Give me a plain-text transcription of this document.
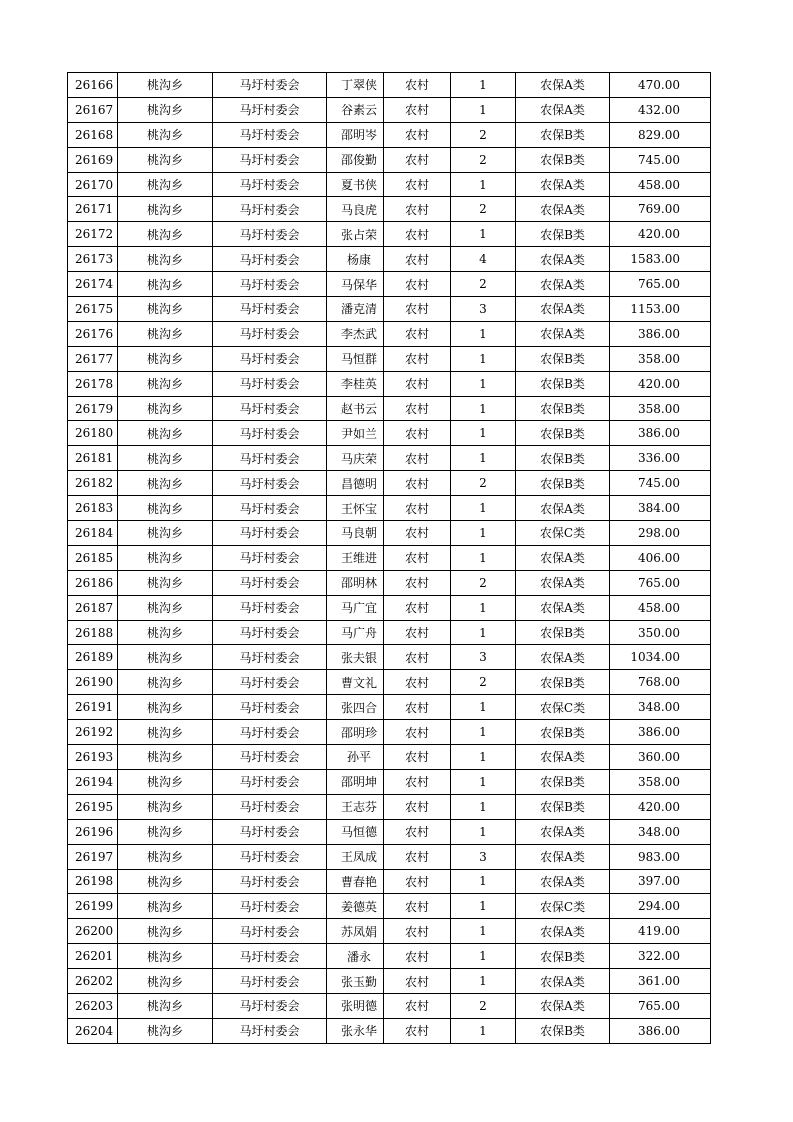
26166	桃沟乡	马圩村委会	丁翠侠	农村	1	农保A类	470.00
26167	桃沟乡	马圩村委会	谷素云	农村	1	农保A类	432.00
26168	桃沟乡	马圩村委会	邵明岑	农村	2	农保B类	829.00
26169	桃沟乡	马圩村委会	邵俊勤	农村	2	农保B类	745.00
26170	桃沟乡	马圩村委会	夏书侠	农村	1	农保A类	458.00
26171	桃沟乡	马圩村委会	马良虎	农村	2	农保A类	769.00
26172	桃沟乡	马圩村委会	张占荣	农村	1	农保B类	420.00
26173	桃沟乡	马圩村委会	杨康	农村	4	农保A类	1583.00
26174	桃沟乡	马圩村委会	马保华	农村	2	农保A类	765.00
26175	桃沟乡	马圩村委会	潘克清	农村	3	农保A类	1153.00
26176	桃沟乡	马圩村委会	李杰武	农村	1	农保A类	386.00
26177	桃沟乡	马圩村委会	马恒群	农村	1	农保B类	358.00
26178	桃沟乡	马圩村委会	李桂英	农村	1	农保B类	420.00
26179	桃沟乡	马圩村委会	赵书云	农村	1	农保B类	358.00
26180	桃沟乡	马圩村委会	尹如兰	农村	1	农保B类	386.00
26181	桃沟乡	马圩村委会	马庆荣	农村	1	农保B类	336.00
26182	桃沟乡	马圩村委会	昌德明	农村	2	农保B类	745.00
26183	桃沟乡	马圩村委会	王怀宝	农村	1	农保A类	384.00
26184	桃沟乡	马圩村委会	马良朝	农村	1	农保C类	298.00
26185	桃沟乡	马圩村委会	王维进	农村	1	农保A类	406.00
26186	桃沟乡	马圩村委会	邵明林	农村	2	农保A类	765.00
26187	桃沟乡	马圩村委会	马广宜	农村	1	农保A类	458.00
26188	桃沟乡	马圩村委会	马广舟	农村	1	农保B类	350.00
26189	桃沟乡	马圩村委会	张夫银	农村	3	农保A类	1034.00
26190	桃沟乡	马圩村委会	曹文礼	农村	2	农保B类	768.00
26191	桃沟乡	马圩村委会	张四合	农村	1	农保C类	348.00
26192	桃沟乡	马圩村委会	邵明珍	农村	1	农保B类	386.00
26193	桃沟乡	马圩村委会	孙平	农村	1	农保A类	360.00
26194	桃沟乡	马圩村委会	邵明坤	农村	1	农保B类	358.00
26195	桃沟乡	马圩村委会	王志芬	农村	1	农保B类	420.00
26196	桃沟乡	马圩村委会	马恒德	农村	1	农保A类	348.00
26197	桃沟乡	马圩村委会	王凤成	农村	3	农保A类	983.00
26198	桃沟乡	马圩村委会	曹春艳	农村	1	农保A类	397.00
26199	桃沟乡	马圩村委会	姜德英	农村	1	农保C类	294.00
26200	桃沟乡	马圩村委会	苏凤娟	农村	1	农保A类	419.00
26201	桃沟乡	马圩村委会	潘永	农村	1	农保B类	322.00
26202	桃沟乡	马圩村委会	张玉勤	农村	1	农保A类	361.00
26203	桃沟乡	马圩村委会	张明德	农村	2	农保A类	765.00
26204	桃沟乡	马圩村委会	张永华	农村	1	农保B类	386.00
